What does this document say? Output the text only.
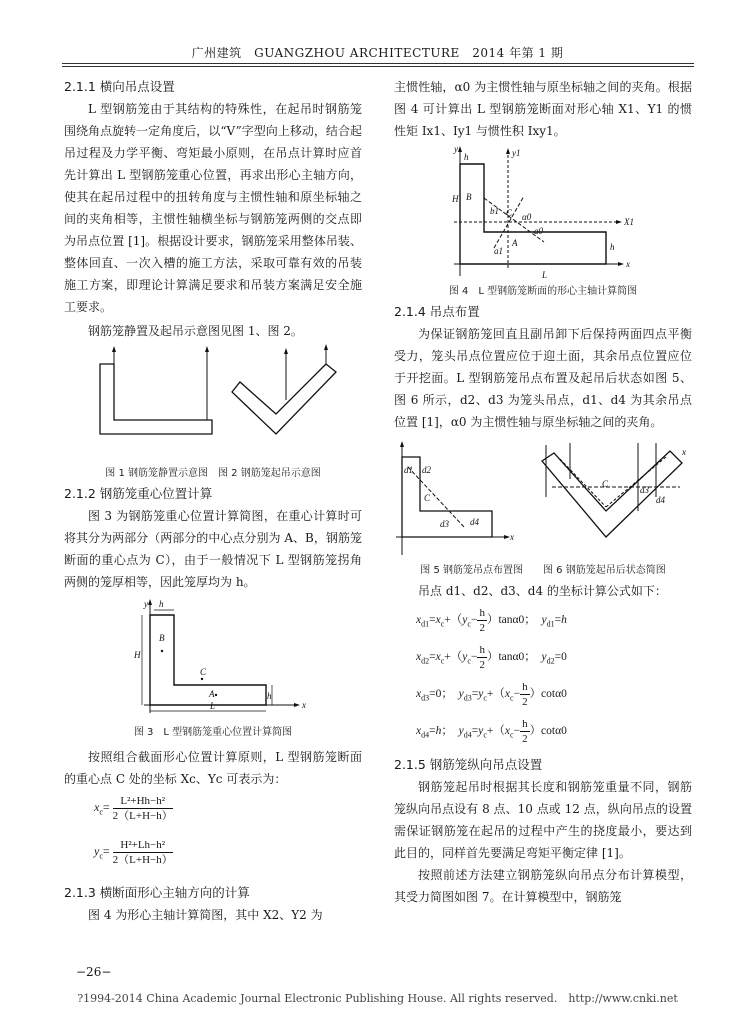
广州建筑　GUANGZHOU ARCHITECTURE　2014 年第 1 期

2.1.1 横向吊点设置

L 型钢筋笼由于其结构的特殊性，在起吊时钢筋笼围绕角点旋转一定角度后，以“V”字型向上移动，结合起吊过程及力学平衡、弯矩最小原则，在吊点计算时应首先计算出 L 型钢筋笼重心位置，再求出形心主轴方向，使其在起吊过程中的扭转角度与主惯性轴和原坐标轴之间的夹角相等，主惯性轴横坐标与钢筋笼两侧的交点即为吊点位置 [1]。根据设计要求，钢筋笼采用整体吊装、整体回直、一次入槽的施工方法，采取可靠有效的吊装施工方案，即理论计算满足要求和吊装方案满足安全施工要求。

钢筋笼静置及起吊示意图见图 1、图 2。

图 1 钢筋笼静置示意图　图 2 钢筋笼起吊示意图

2.1.2 钢筋笼重心位置计算

图 3 为钢筋笼重心位置计算简图，在重心计算时可将其分为两部分（两部分的中心点分别为 A、B，钢筋笼断面的重心点为 C），由于一般情况下 L 型钢筋笼拐角两侧的笼厚相等，因此笼厚均为 h。

y
x
h
H
B
C
A
L
h
图 3　L 型钢筋笼重心位置计算简图

按照组合截面形心位置计算原则，L 型钢筋笼断面的重心点 C 处的坐标 Xc、Yc 可表示为：

$x_c= \frac{\text{L²+Hh−h²}}{2(L+H-h)}$
$y_c= \frac{\text{H²+Lh−h²}}{2(L+H-h)}$

2.1.3 横断面形心主轴方向的计算

图 4 为形心主轴计算简图，其中 X2、Y2 为

主惯性轴，α0 为主惯性轴与原坐标轴之间的夹角。根据图 4 可计算出 L 型钢筋笼断面对形心轴 X1、Y1 的惯性矩 Ix1、Iy1 与惯性积 Ixy1。

y	y1
x
X1
h
H B
b1 C α0
a0
A
a1
L
h
图 4　L 型钢筋笼断面的形心主轴计算简图

2.1.4 吊点布置

为保证钢筋笼回直且副吊卸下后保持两面四点平衡受力，笼头吊点位置应位于迎土面，其余吊点位置应位于开挖面。L 型钢筋笼吊点布置及起吊后状态如图 5、图 6 所示，d2、d3 为笼头吊点，d1、d4 为其余吊点位置 [1]，α0 为主惯性轴与原坐标轴之间的夹角。

x
d1 d2
C
d3 d4
x
C
d3
d4
图 5 钢筋笼吊点布置图　　图 6 钢筋笼起吊后状态简图

吊点 d1、d2、d3、d4 的坐标计算公式如下：

$x_{d1}=x_c+(y_c- \frac{h}{2} )\tan\alpha 0$；　$y_{d1}=h$
$x_{d2}=x_c+(y_c- \frac{h}{2} )\tan\alpha 0$；　$y_{d2}=0$
$x_{d3}=0$；　$y_{d3}=y_c+(x_c- \frac{h}{2} )\cot\alpha 0$
$x_{d4}=h$；　$y_{d4}=y_c+(x_c- \frac{h}{2} )\cot\alpha 0$

2.1.5 钢筋笼纵向吊点设置

钢筋笼起吊时根据其长度和钢筋笼重量不同，钢筋笼纵向吊点设有 8 点、10 点或 12 点，纵向吊点的设置需保证钢筋笼在起吊的过程中产生的挠度最小，要达到此目的，同样首先要满足弯矩平衡定律 [1]。

按照前述方法建立钢筋笼纵向吊点分布计算模型，其受力简图如图 7。在计算模型中，钢筋笼

−26−
?1994-2014 China Academic Journal Electronic Publishing House. All rights reserved.　http://www.cnki.net
